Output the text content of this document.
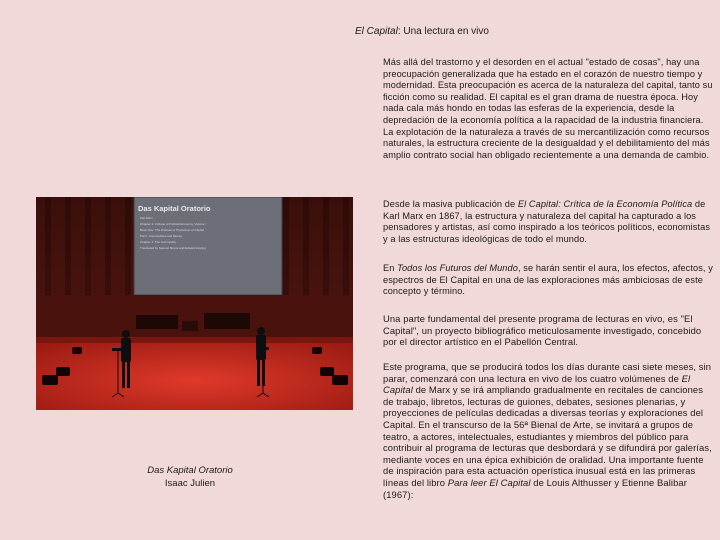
El Capital: Una lectura en vivo

Más allá del trastorno y el desorden en el actual "estado de cosas", hay una preocupación generalizada que ha estado en el corazón de nuestro tiempo y modernidad. Esta preocupación es acerca de la naturaleza del capital, tanto su ficción como su realidad. El capital es el gran drama de nuestra época. Hoy nada cala más hondo en todas las esferas de la experiencia, desde la depredación de la economía política a la rapacidad de la industria financiera. La explotación de la naturaleza a través de su mercantilización como recursos naturales, la estructura creciente de la desigualdad y el debilitamiento del más amplio contrato social han obligado recientemente a una demanda de cambio.

Desde la masiva publicación de El Capital: Crítica de la Economía Política de Karl Marx en 1867, la estructura y naturaleza del capital ha capturado a los pensadores y artistas, así como inspirado a los teóricos políticos, economistas y a las estructuras ideológicas de todo el mundo.

En Todos los Futuros del Mundo, se harán sentir el aura, los efectos, afectos, y espectros de El Capital en una de las exploraciones más ambiciosas de este concepto y término.

Una parte fundamental del presente programa de lecturas en vivo, es "El Capital", un proyecto bibliográfico meticulosamente investigado, concebido por el director artístico en el Pabellón Central.

Este programa, que se producirá todos los días durante casi siete meses, sin parar, comenzará con una lectura en vivo de los cuatro volúmenes de El Capital de Marx y se irá ampliando gradualmente en recitales de canciones de trabajo, libretos, lecturas de guiones, debates, sesiones plenarias, y proyecciones de películas dedicadas a diversas teorías y exploraciones del Capital. En el transcurso de la 56ª Bienal de Arte, se invitará a grupos de teatro, a actores, intelectuales, estudiantes y miembros del público para contribuir al programa de lecturas que desbordará y se difundirá por galerías, mediante voces en una épica exhibición de oralidad. Una importante fuente de inspiración para esta actuación operística inusual está en las primeras líneas del libro Para leer El Capital de Louis Althusser y Etienne Balibar (1967):

Das Kapital Oratorio
Karl Marx
Chapter 1: Critique of Political Economy, Volume I
Book One: The Process of Production of Capital
Part I: Commodities and Money
Chapter 1: The Commodity
Translated by Samuel Moore and Edward Aveling
Das Kapital Oratorio
Isaac Julien
